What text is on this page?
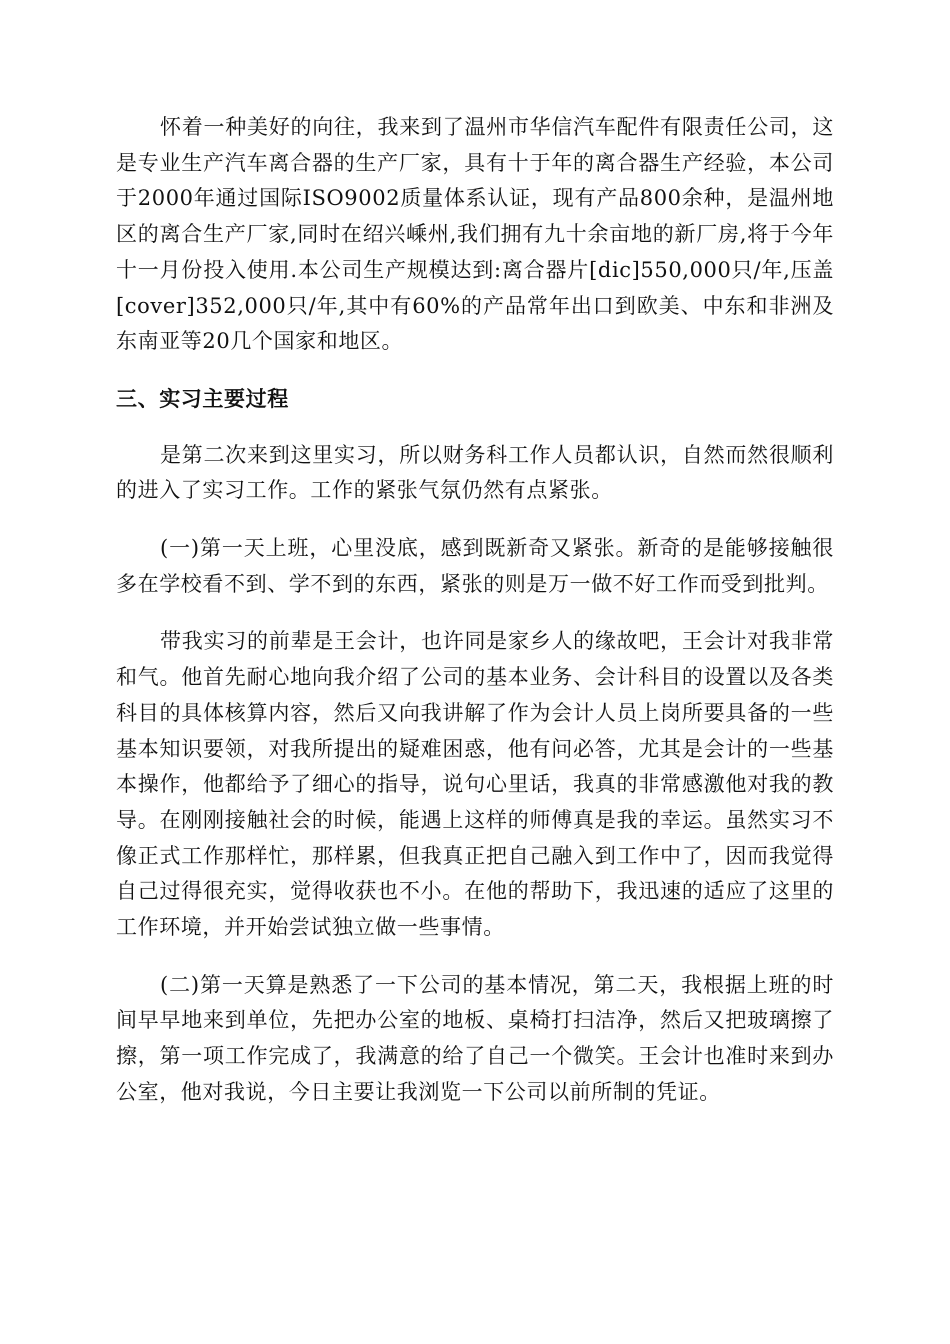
怀着一种美好的向往，我来到了温州市华信汽车配件有限责任公司，这是专业生产汽车离合器的生产厂家，具有十于年的离合器生产经验，本公司于2000年通过国际ISO9002质量体系认证，现有产品800余种，是温州地区的离合生产厂家,同时在绍兴嵊州,我们拥有九十余亩地的新厂房,将于今年十一月份投入使用.本公司生产规模达到:离合器片[dic]550,000只/年,压盖[cover]352,000只/年,其中有60%的产品常年出口到欧美、中东和非洲及东南亚等20几个国家和地区。

三、实习主要过程

是第二次来到这里实习，所以财务科工作人员都认识，自然而然很顺利的进入了实习工作。工作的紧张气氛仍然有点紧张。

(一)第一天上班，心里没底，感到既新奇又紧张。新奇的是能够接触很多在学校看不到、学不到的东西，紧张的则是万一做不好工作而受到批判。

带我实习的前辈是王会计，也许同是家乡人的缘故吧，王会计对我非常和气。他首先耐心地向我介绍了公司的基本业务、会计科目的设置以及各类科目的具体核算内容，然后又向我讲解了作为会计人员上岗所要具备的一些基本知识要领，对我所提出的疑难困惑，他有问必答，尤其是会计的一些基本操作，他都给予了细心的指导，说句心里话，我真的非常感激他对我的教导。在刚刚接触社会的时候，能遇上这样的师傅真是我的幸运。虽然实习不像正式工作那样忙，那样累，但我真正把自己融入到工作中了，因而我觉得自己过得很充实，觉得收获也不小。在他的帮助下，我迅速的适应了这里的工作环境，并开始尝试独立做一些事情。

(二)第一天算是熟悉了一下公司的基本情况，第二天，我根据上班的时间早早地来到单位，先把办公室的地板、桌椅打扫洁净，然后又把玻璃擦了擦，第一项工作完成了，我满意的给了自己一个微笑。王会计也准时来到办公室，他对我说，今日主要让我浏览一下公司以前所制的凭证。
